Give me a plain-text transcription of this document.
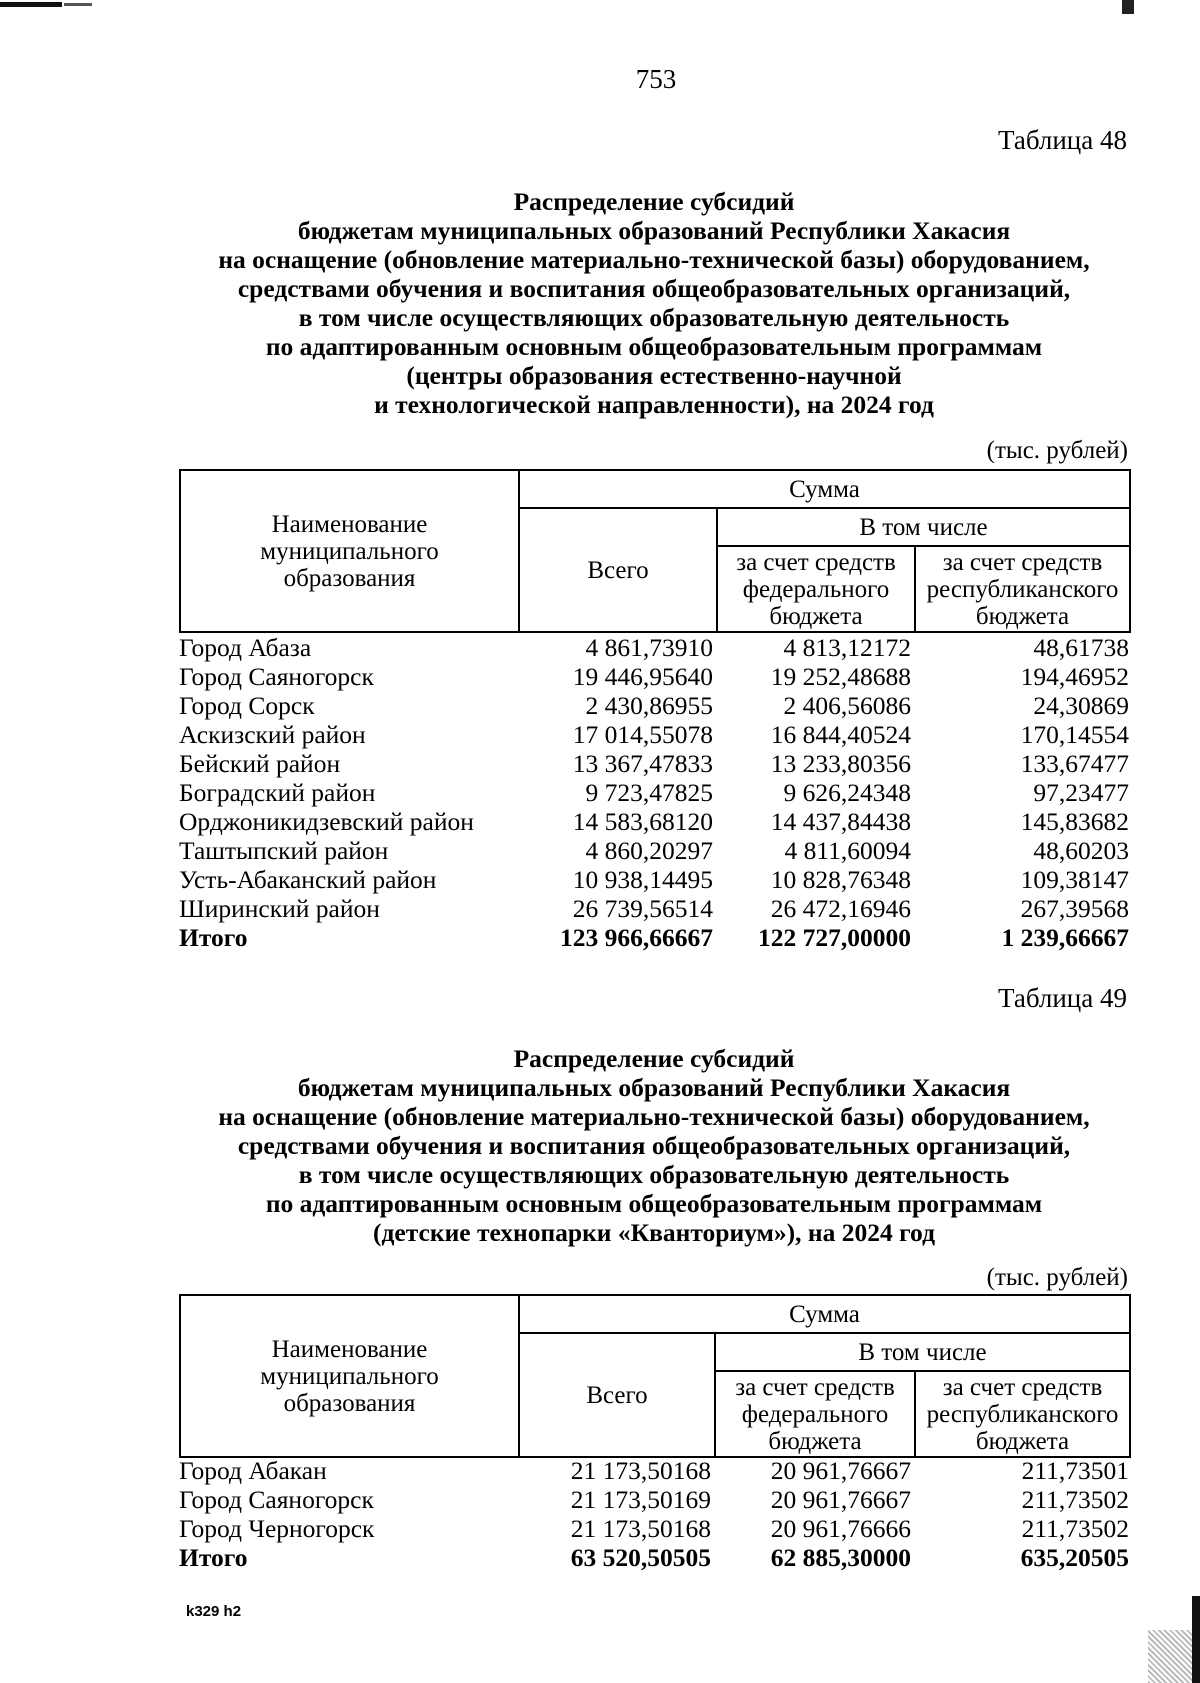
753
Таблица 48
Распределение субсидий
бюджетам муниципальных образований Республики Хакасия
на оснащение (обновление материально-технической базы) оборудованием,
средствами обучения и воспитания общеобразовательных организаций,
в том числе осуществляющих образовательную деятельность
по адаптированным основным общеобразовательным программам
(центры образования естественно-научной
и технологической направленности), на 2024 год
(тыс. рублей)
Наименование муниципального образования	Сумма		
	Всего	В том числе	
		за счет средств федерального бюджета	за счет средств республиканского бюджета
Город Абаза	4 861,73910	4 813,12172	48,61738
Город Саяногорск	19 446,95640	19 252,48688	194,46952
Город Сорск	2 430,86955	2 406,56086	24,30869
Аскизский район	17 014,55078	16 844,40524	170,14554
Бейский район	13 367,47833	13 233,80356	133,67477
Боградский район	9 723,47825	9 626,24348	97,23477
Орджоникидзевский район	14 583,68120	14 437,84438	145,83682
Таштыпский район	4 860,20297	4 811,60094	48,60203
Усть-Абаканский район	10 938,14495	10 828,76348	109,38147
Ширинский район	26 739,56514	26 472,16946	267,39568
Итого	123 966,66667	122 727,00000	1 239,66667
Таблица 49
Распределение субсидий
бюджетам муниципальных образований Республики Хакасия
на оснащение (обновление материально-технической базы) оборудованием,
средствами обучения и воспитания общеобразовательных организаций,
в том числе осуществляющих образовательную деятельность
по адаптированным основным общеобразовательным программам
(детские технопарки «Кванториум»), на 2024 год
(тыс. рублей)
Наименование муниципального образования	Сумма		
	Всего	В том числе	
		за счет средств федерального бюджета	за счет средств республиканского бюджета
Город Абакан	21 173,50168	20 961,76667	211,73501
Город Саяногорск	21 173,50169	20 961,76667	211,73502
Город Черногорск	21 173,50168	20 961,76666	211,73502
Итого	63 520,50505	62 885,30000	635,20505
k329 h2
